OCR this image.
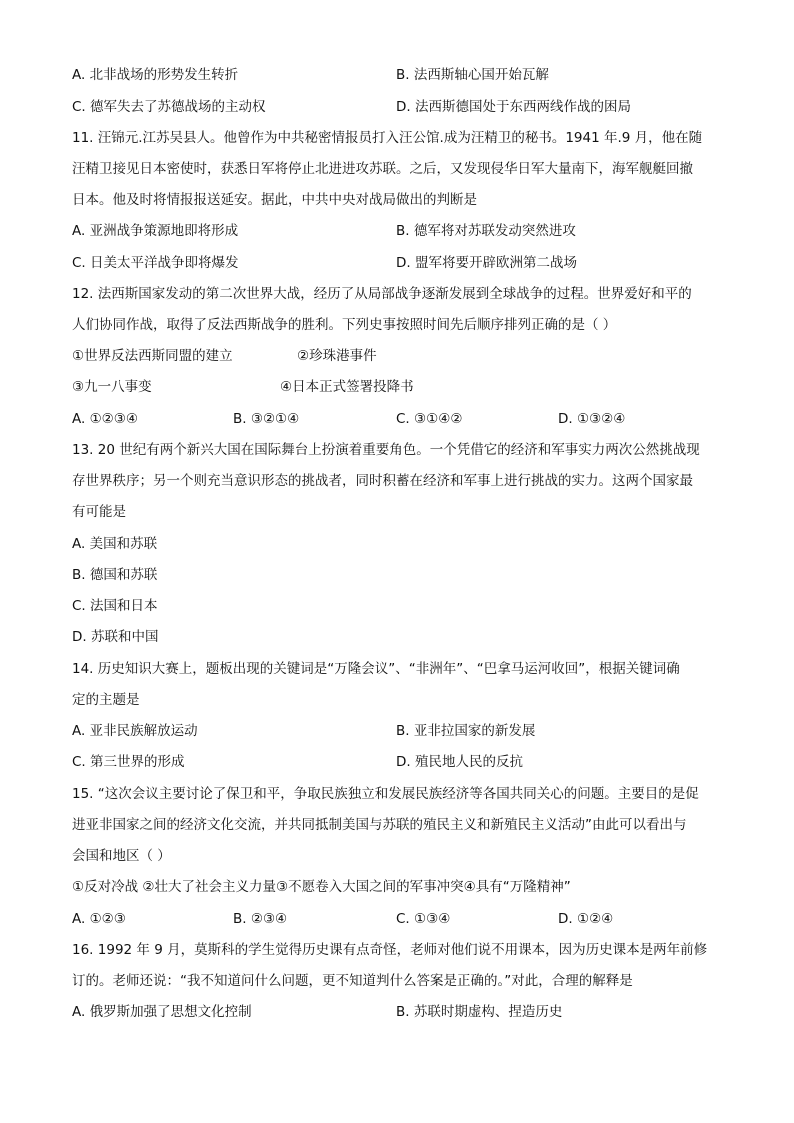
A. 北非战场的形势发生转折	B. 法西斯轴心国开始瓦解
C. 德军失去了苏德战场的主动权	D. 法西斯德国处于东西两线作战的困局
11. 汪锦元.江苏吴县人。他曾作为中共秘密情报员打入汪公馆.成为汪精卫的秘书。1941 年.9 月，他在随
汪精卫接见日本密使时，获悉日军将停止北进进攻苏联。之后，又发现侵华日军大量南下，海军舰艇回撤
日本。他及时将情报报送延安。据此，中共中央对战局做出的判断是
A. 亚洲战争策源地即将形成	B. 德军将对苏联发动突然进攻
C. 日美太平洋战争即将爆发	D. 盟军将要开辟欧洲第二战场
12. 法西斯国家发动的第二次世界大战，经历了从局部战争逐渐发展到全球战争的过程。世界爱好和平的
人们协同作战，取得了反法西斯战争的胜利。下列史事按照时间先后顺序排列正确的是（ ）
①世界反法西斯同盟的建立	②珍珠港事件
③九一八事变	④日本正式签署投降书
A. ①②③④	B. ③②①④	C. ③①④②	D. ①③②④
13. 20 世纪有两个新兴大国在国际舞台上扮演着重要角色。一个凭借它的经济和军事实力两次公然挑战现
存世界秩序；另一个则充当意识形态的挑战者，同时积蓄在经济和军事上进行挑战的实力。这两个国家最
有可能是
A. 美国和苏联
B. 德国和苏联
C. 法国和日本
D. 苏联和中国
14. 历史知识大赛上，题板出现的关键词是“万隆会议”、“非洲年”、“巴拿马运河收回”，根据关键词确
定的主题是
A. 亚非民族解放运动	B. 亚非拉国家的新发展
C. 第三世界的形成	D. 殖民地人民的反抗
15. “这次会议主要讨论了保卫和平，争取民族独立和发展民族经济等各国共同关心的问题。主要目的是促
进亚非国家之间的经济文化交流，并共同抵制美国与苏联的殖民主义和新殖民主义活动”由此可以看出与
会国和地区（ ）
①反对冷战 ②壮大了社会主义力量③不愿卷入大国之间的军事冲突④具有“万隆精神”
A. ①②③	B. ②③④	C. ①③④	D. ①②④
16. 1992 年 9 月，莫斯科的学生觉得历史课有点奇怪，老师对他们说不用课本，因为历史课本是两年前修
订的。老师还说：“我不知道问什么问题，更不知道判什么答案是正确的。”对此，合理的解释是
A. 俄罗斯加强了思想文化控制	B. 苏联时期虚构、捏造历史
